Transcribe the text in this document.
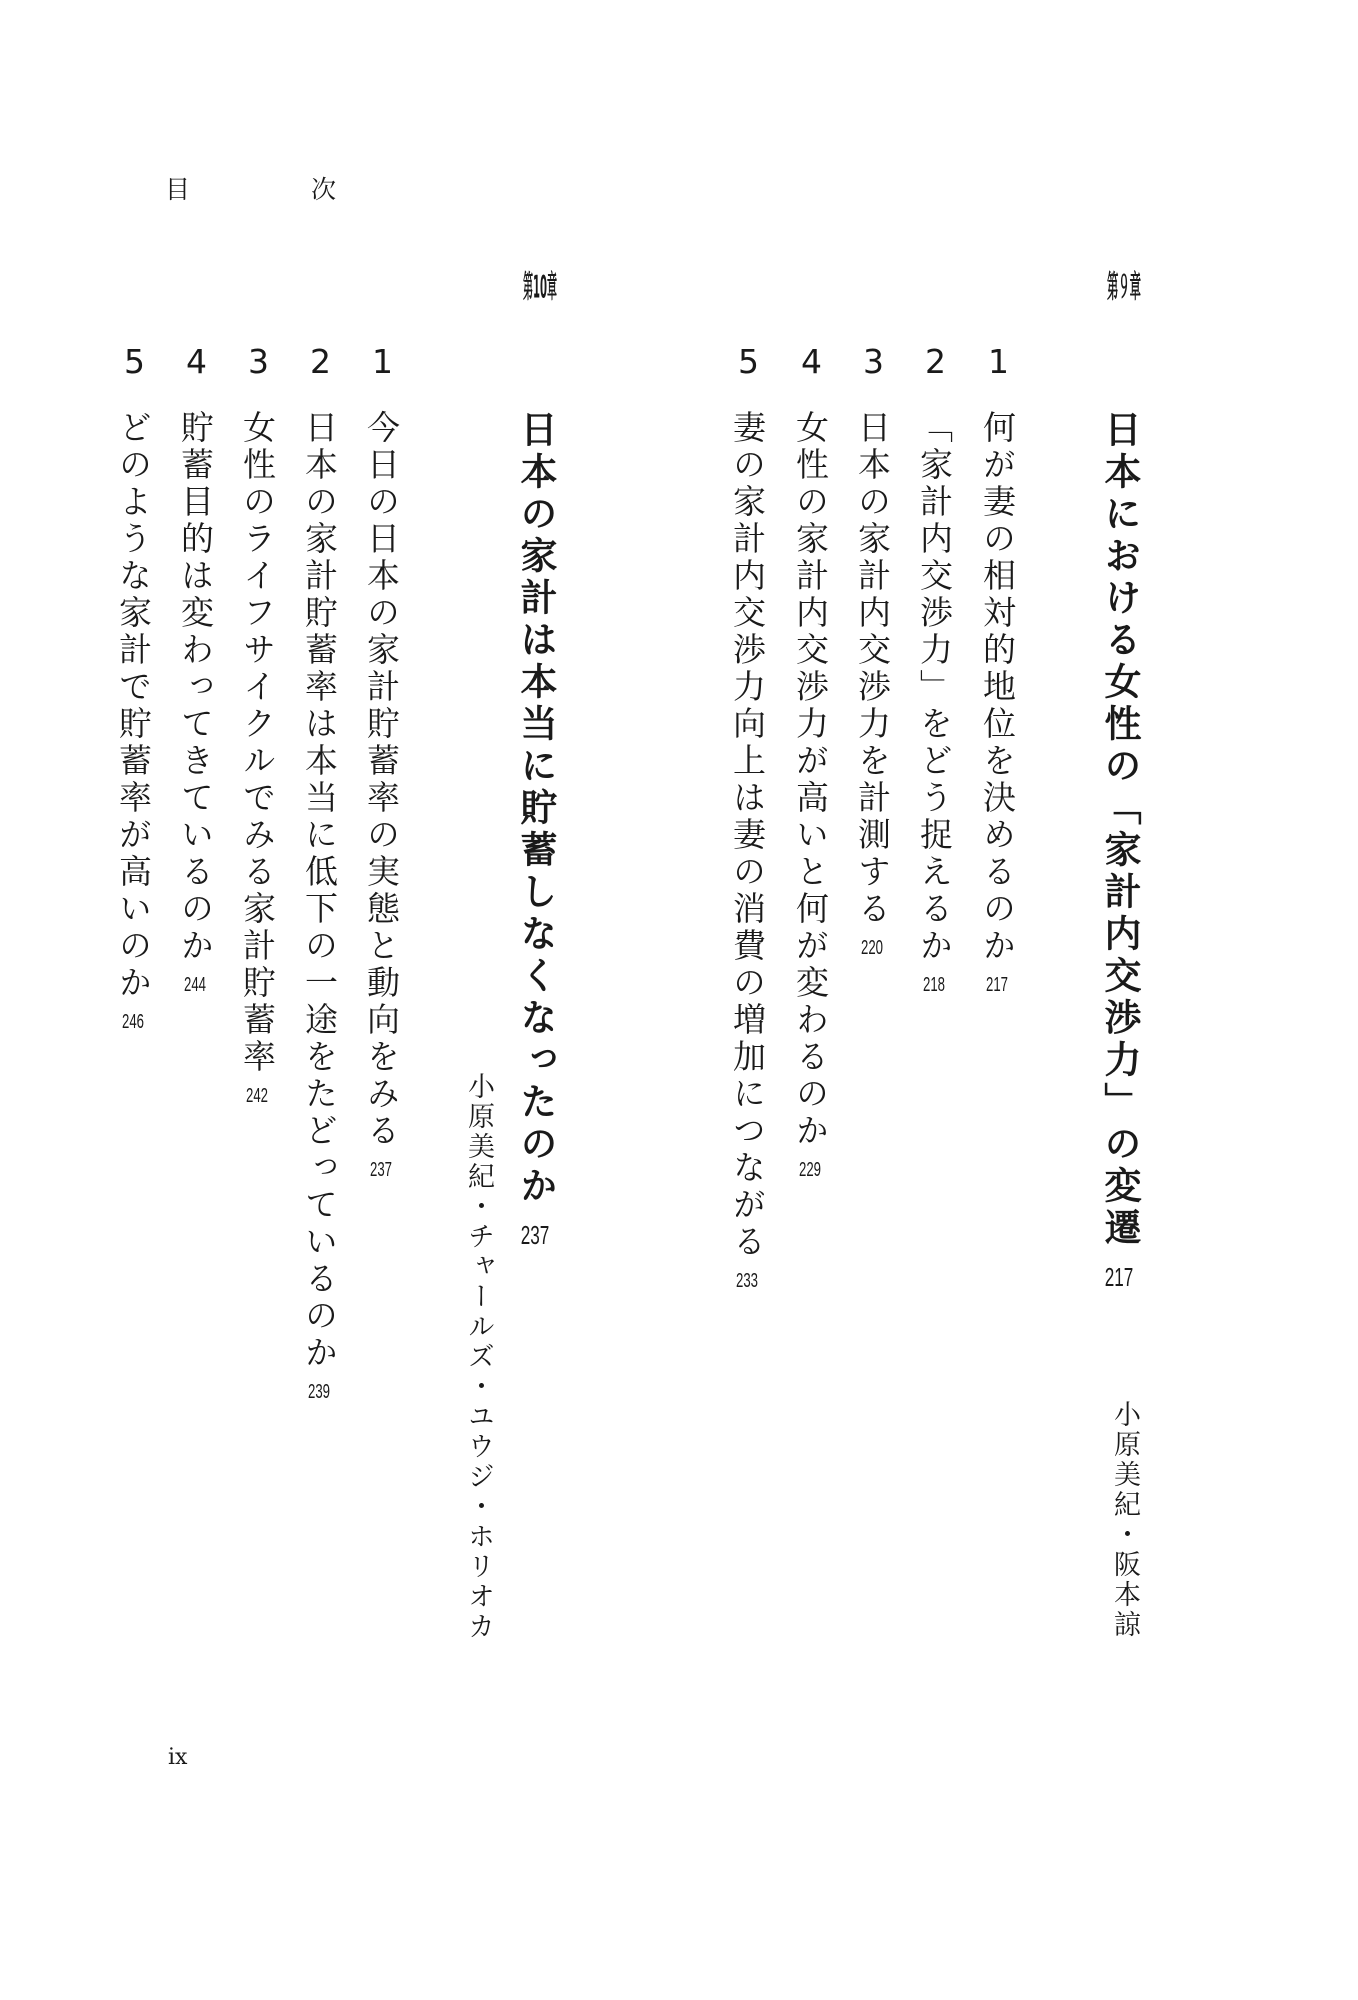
目　次
第９章
日本における女性の「家計内交渉力」の変遷217
小原美紀・阪本諒
1
何が妻の相対的地位を決めるのか217
2
「家計内交渉力」をどう捉えるか218
3
日本の家計内交渉力を計測する220
4
女性の家計内交渉力が高いと何が変わるのか229
5
妻の家計内交渉力向上は妻の消費の増加につながる233
第10章
日本の家計は本当に貯蓄しなくなったのか237
小原美紀・チャールズ・ユウジ・ホリオカ
1
今日の日本の家計貯蓄率の実態と動向をみる237
2
日本の家計貯蓄率は本当に低下の一途をたどっているのか239
3
女性のライフサイクルでみる家計貯蓄率242
4
貯蓄目的は変わってきているのか244
5
どのような家計で貯蓄率が高いのか246
ix
